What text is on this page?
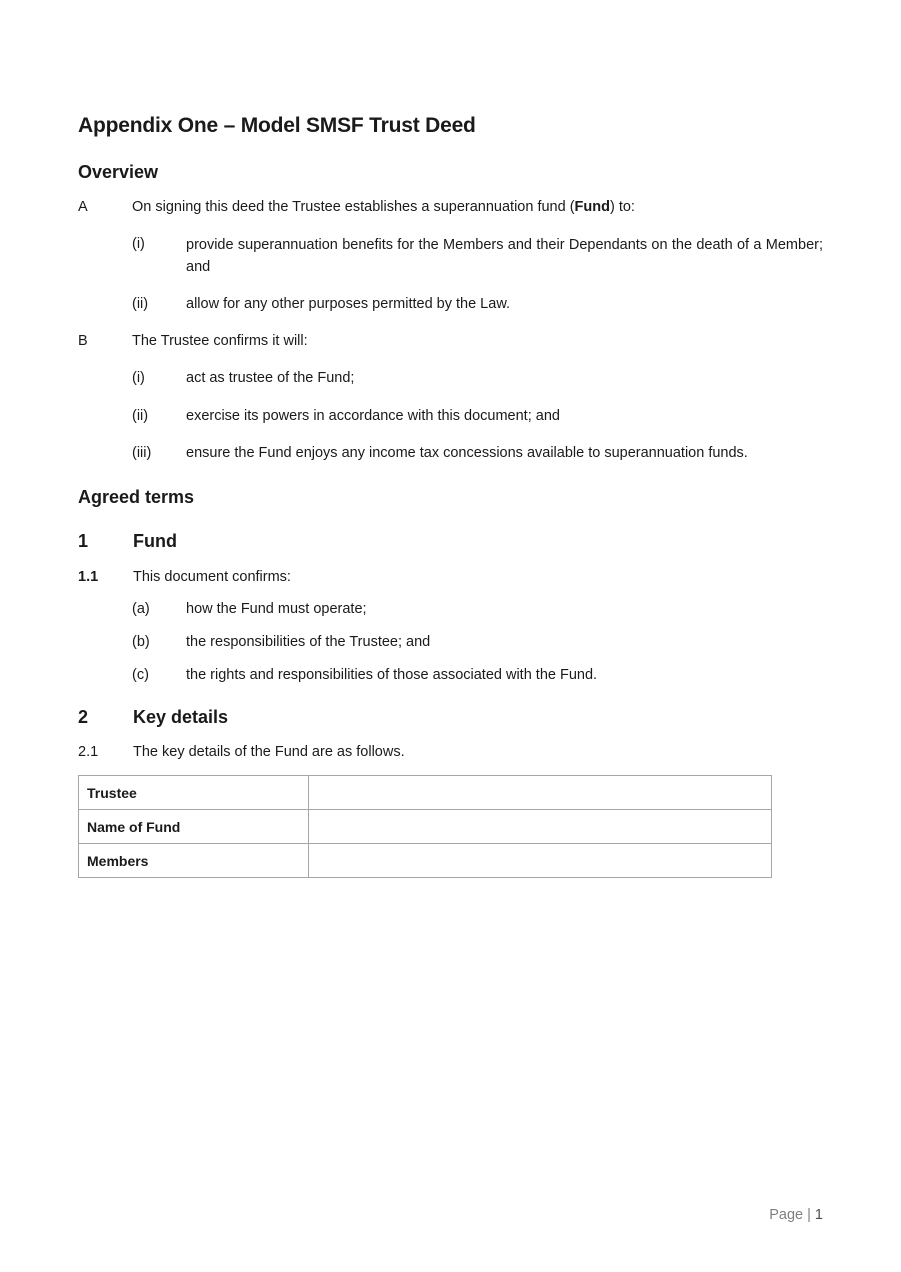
Appendix One – Model SMSF Trust Deed
Overview
A	On signing this deed the Trustee establishes a superannuation fund (Fund) to:
(i)	provide superannuation benefits for the Members and their Dependants on the death of a Member; and
(ii)	allow for any other purposes permitted by the Law.
B	The Trustee confirms it will:
(i)	act as trustee of the Fund;
(ii)	exercise its powers in accordance with this document; and
(iii) ensure the Fund enjoys any income tax concessions available to superannuation funds.
Agreed terms
1 Fund
1.1 This document confirms:
(a)	how the Fund must operate;
(b)	the responsibilities of the Trustee; and
(c)	the rights and responsibilities of those associated with the Fund.
2 Key details
2.1 The key details of the Fund are as follows.
Trustee	
Name of Fund	
Members	
Page | 1
